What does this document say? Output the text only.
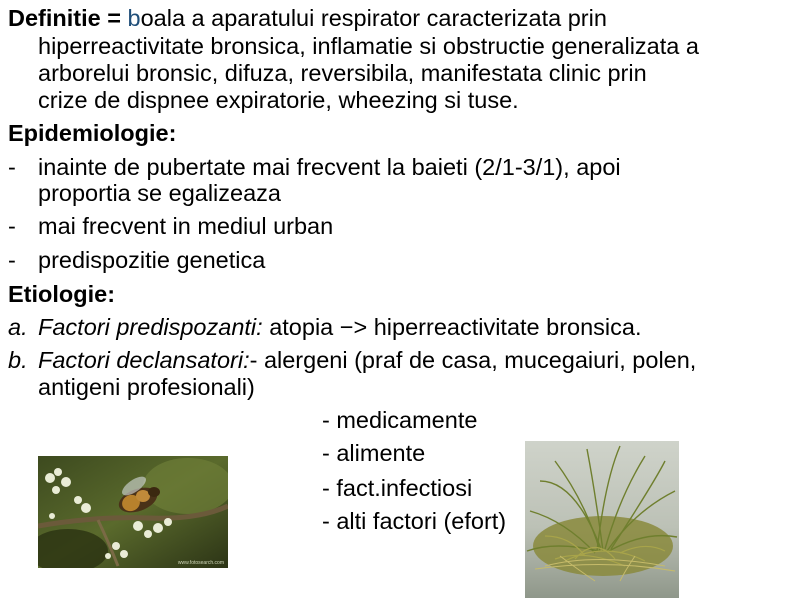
Definitie = boala a aparatului respirator caracterizata prin
hiperreactivitate bronsica, inflamatie si obstructie generalizata a
arborelui bronsic, difuza, reversibila, manifestata clinic prin
crize de dispnee expiratorie, wheezing si tuse.
Epidemiologie:
- inainte de pubertate mai frecvent la baieti (2/1-3/1), apoi
proportia se egalizeaza
- mai frecvent in mediul urban
- predispozitie genetica
Etiologie:
a. Factori predispozanti: atopia −> hiperreactivitate bronsica.
b. Factori declansatori:- alergeni (praf de casa, mucegaiuri, polen,
antigeni profesionali)
- medicamente
- alimente
- fact.infectiosi
- alti factori (efort)
www.fotosearch.com
